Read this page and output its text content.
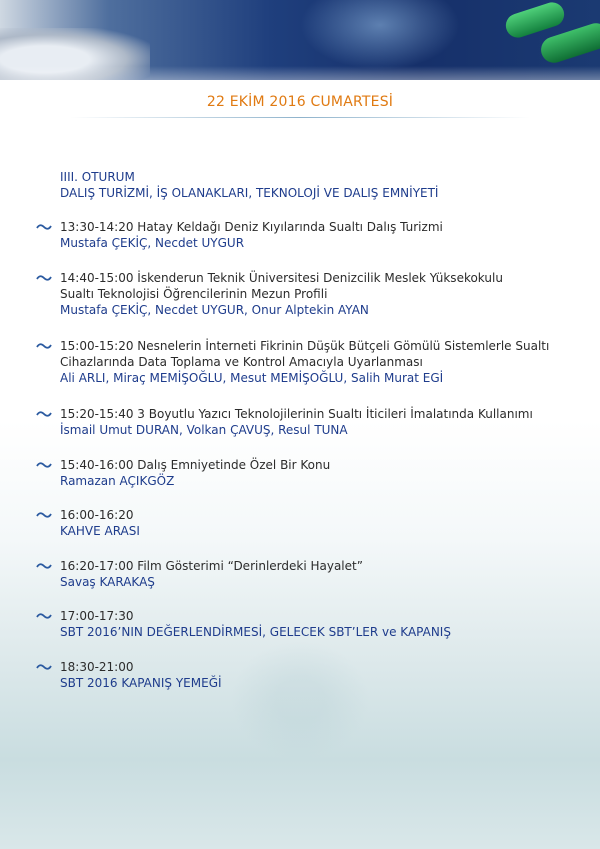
22 EKİM 2016 CUMARTESİ
IIII. OTURUM
DALIŞ TURİZMİ, İŞ OLANAKLARI, TEKNOLOJİ VE DALIŞ EMNİYETİ
13:30-14:20 Hatay Keldağı Deniz Kıyılarında Sualtı Dalış Turizmi
Mustafa ÇEKİÇ, Necdet UYGUR
14:40-15:00 İskenderun Teknik Üniversitesi Denizcilik Meslek Yüksekokulu
Sualtı Teknolojisi Öğrencilerinin Mezun Profili
Mustafa ÇEKİÇ, Necdet UYGUR, Onur Alptekin AYAN
15:00-15:20 Nesnelerin İnterneti Fikrinin Düşük Bütçeli Gömülü Sistemlerle Sualtı
Cihazlarında Data Toplama ve Kontrol Amacıyla Uyarlanması
Ali ARLI, Miraç MEMİŞOĞLU, Mesut MEMİŞOĞLU, Salih Murat EGİ
15:20-15:40 3 Boyutlu Yazıcı Teknolojilerinin Sualtı İticileri İmalatında Kullanımı
İsmail Umut DURAN, Volkan ÇAVUŞ, Resul TUNA
15:40-16:00 Dalış Emniyetinde Özel Bir Konu
Ramazan AÇIKGÖZ
16:00-16:20
KAHVE ARASI
16:20-17:00 Film Gösterimi “Derinlerdeki Hayalet”
Savaş KARAKAŞ
17:00-17:30
SBT 2016’NIN DEĞERLENDİRMESİ, GELECEK SBT’LER ve KAPANIŞ
18:30-21:00
SBT 2016 KAPANIŞ YEMEĞİ
